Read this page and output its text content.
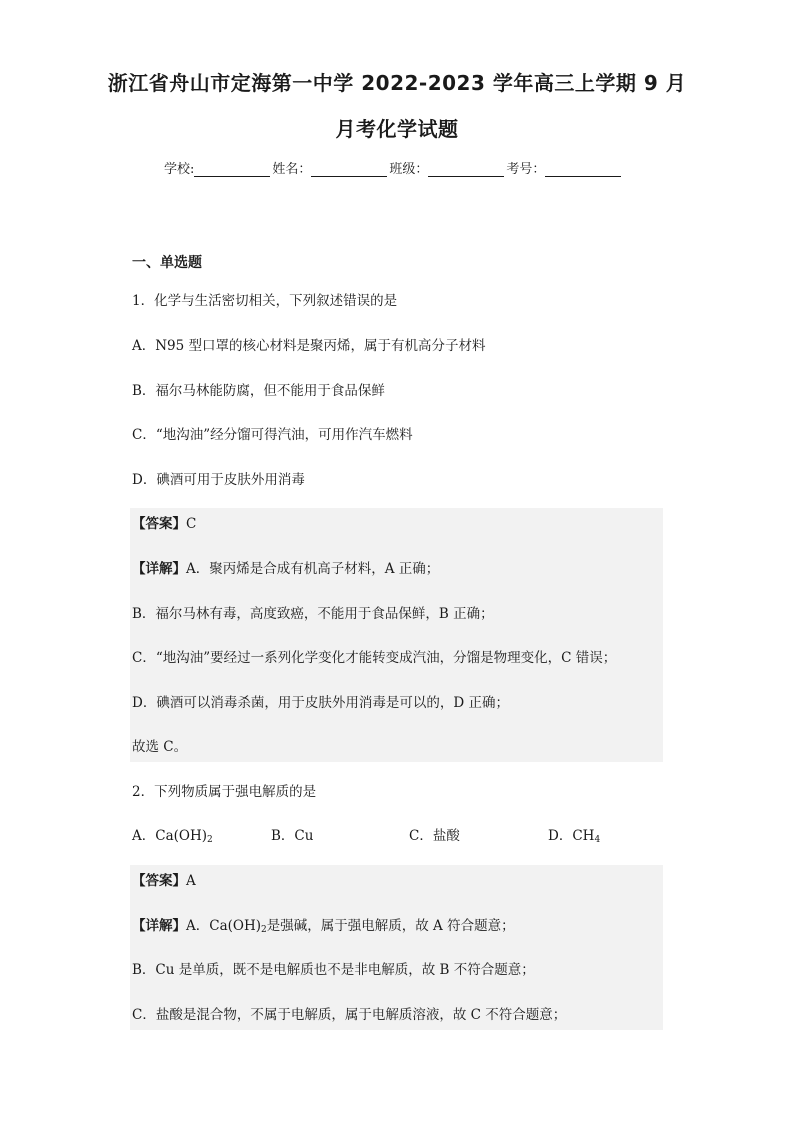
浙江省舟山市定海第一中学 2022-2023 学年高三上学期 9 月
月考化学试题
学校:	姓名：	班级：	考号：
一、单选题
1．化学与生活密切相关，下列叙述错误的是
A．N95 型口罩的核心材料是聚丙烯，属于有机高分子材料
B．福尔马林能防腐，但不能用于食品保鲜
C．“地沟油”经分馏可得汽油，可用作汽车燃料
D．碘酒可用于皮肤外用消毒
【答案】C
【详解】A．聚丙烯是合成有机高子材料，A 正确；
B．福尔马林有毒，高度致癌，不能用于食品保鲜，B 正确；
C．“地沟油”要经过一系列化学变化才能转变成汽油，分馏是物理变化，C 错误；
D．碘酒可以消毒杀菌，用于皮肤外用消毒是可以的，D 正确；
故选 C。
2．下列物质属于强电解质的是
A．$Ca(OH)_2$	B．Cu	C．盐酸	D．$CH_4$
【答案】A
【详解】A．$Ca(OH)_2$是强碱，属于强电解质，故 A 符合题意；
B．Cu 是单质，既不是电解质也不是非电解质，故 B 不符合题意；
C．盐酸是混合物，不属于电解质，属于电解质溶液，故 C 不符合题意；
